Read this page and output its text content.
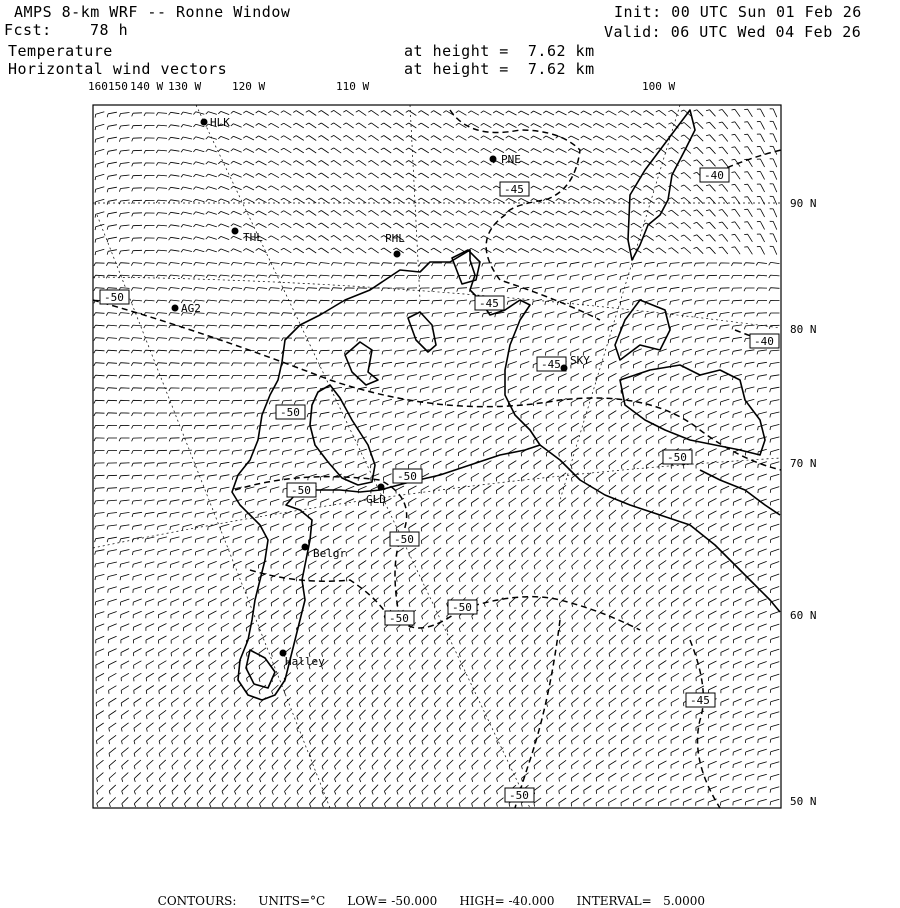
AMPS 8-km WRF -- Ronne Window
Fcst:	78 h
Temperature
Horizontal wind vectors
at height =  7.62 km
at height =  7.62 km
Init: 00 UTC Sun 01 Feb 26
Valid: 06 UTC Wed 04 Feb 26
-50
-45
-40
-45
-40
-45
-50
-50
-50
-50
-50
-50
-50
-45
-50
HLK
PNE
THL	PHL
AG2
SKY
GLD
Belgr
Halley
160 150 140 W 130 W	120 W	110 W	100 W
90 N
80 N
70 N
60 N
50 N

CONTOURS: UNITS=°C LOW= -50.000 HIGH= -40.000 INTERVAL=   5.0000
